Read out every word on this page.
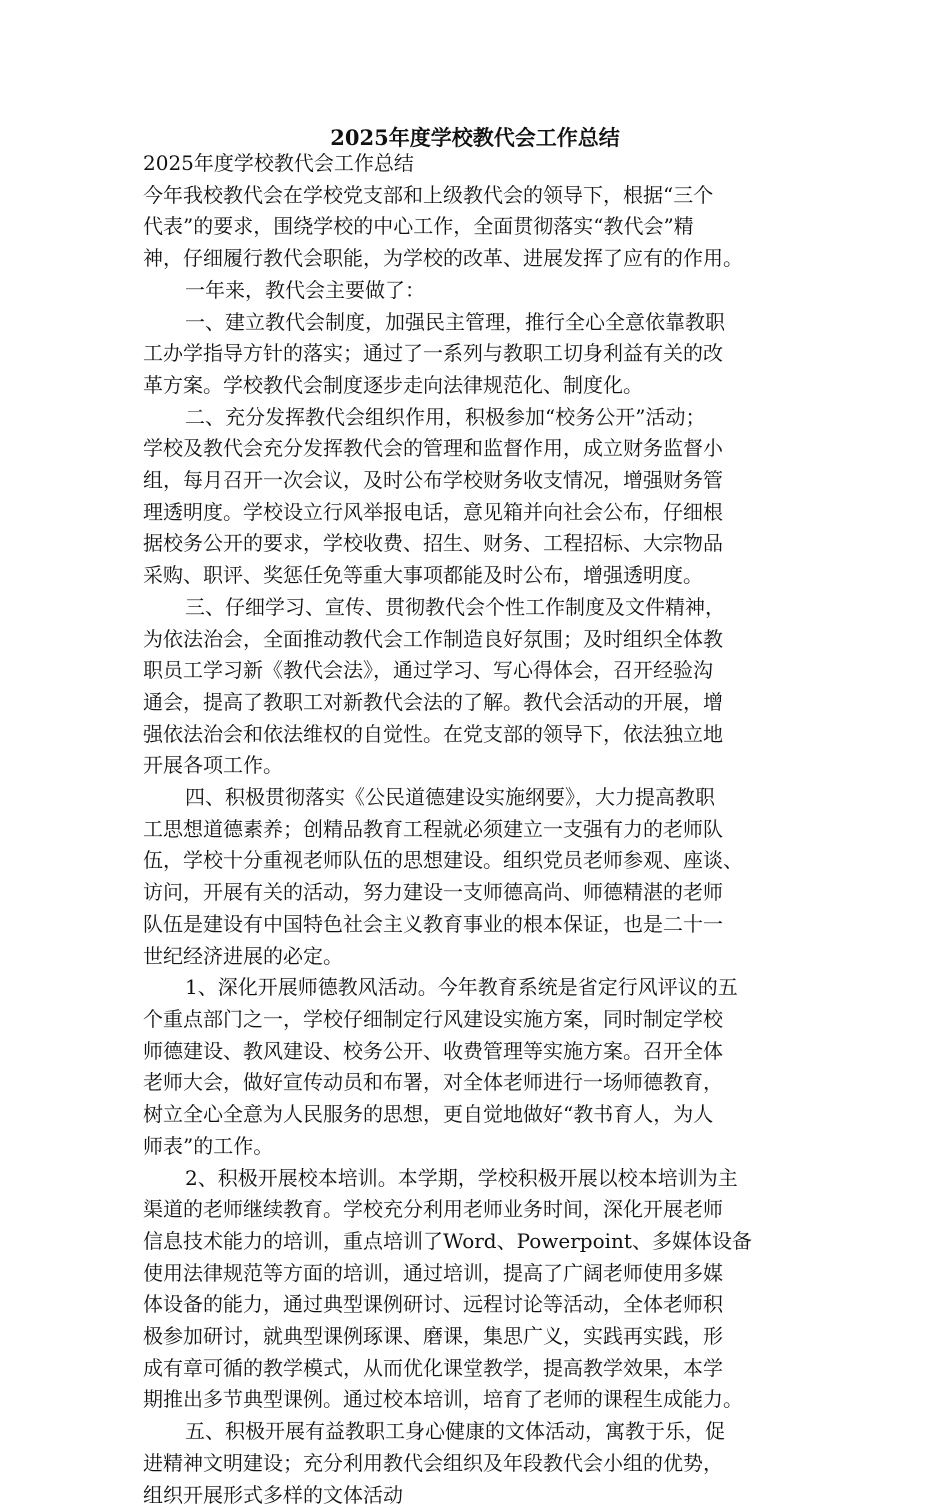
2025年度学校教代会工作总结
2025年度学校教代会工作总结
今年我校教代会在学校党支部和上级教代会的领导下，根据“三个
代表”的要求，围绕学校的中心工作，全面贯彻落实“教代会”精
神，仔细履行教代会职能，为学校的改革、进展发挥了应有的作用。
一年来，教代会主要做了：
一、建立教代会制度，加强民主管理，推行全心全意依靠教职
工办学指导方针的落实；通过了一系列与教职工切身利益有关的改
革方案。学校教代会制度逐步走向法律规范化、制度化。
二、充分发挥教代会组织作用，积极参加“校务公开”活动；
学校及教代会充分发挥教代会的管理和监督作用，成立财务监督小
组，每月召开一次会议，及时公布学校财务收支情况，增强财务管
理透明度。学校设立行风举报电话，意见箱并向社会公布，仔细根
据校务公开的要求，学校收费、招生、财务、工程招标、大宗物品
采购、职评、奖惩任免等重大事项都能及时公布，增强透明度。
三、仔细学习、宣传、贯彻教代会个性工作制度及文件精神，
为依法治会，全面推动教代会工作制造良好氛围；及时组织全体教
职员工学习新《教代会法》，通过学习、写心得体会，召开经验沟
通会，提高了教职工对新教代会法的了解。教代会活动的开展，增
强依法治会和依法维权的自觉性。在党支部的领导下，依法独立地
开展各项工作。
四、积极贯彻落实《公民道德建设实施纲要》，大力提高教职
工思想道德素养；创精品教育工程就必须建立一支强有力的老师队
伍，学校十分重视老师队伍的思想建设。组织党员老师参观、座谈、
访问，开展有关的活动，努力建设一支师德高尚、师德精湛的老师
队伍是建设有中国特色社会主义教育事业的根本保证，也是二十一
世纪经济进展的必定。
1、深化开展师德教风活动。今年教育系统是省定行风评议的五
个重点部门之一，学校仔细制定行风建设实施方案，同时制定学校
师德建设、教风建设、校务公开、收费管理等实施方案。召开全体
老师大会，做好宣传动员和布署，对全体老师进行一场师德教育，
树立全心全意为人民服务的思想，更自觉地做好“教书育人，为人
师表”的工作。
2、积极开展校本培训。本学期，学校积极开展以校本培训为主
渠道的老师继续教育。学校充分利用老师业务时间，深化开展老师
信息技术能力的培训，重点培训了Word、Powerpoint、多媒体设备
使用法律规范等方面的培训，通过培训，提高了广阔老师使用多媒
体设备的能力，通过典型课例研讨、远程讨论等活动，全体老师积
极参加研讨，就典型课例琢课、磨课，集思广义，实践再实践，形
成有章可循的教学模式，从而优化课堂教学，提高教学效果，本学
期推出多节典型课例。通过校本培训，培育了老师的课程生成能力。
五、积极开展有益教职工身心健康的文体活动，寓教于乐，促
进精神文明建设；充分利用教代会组织及年段教代会小组的优势，
组织开展形式多样的文体活动
